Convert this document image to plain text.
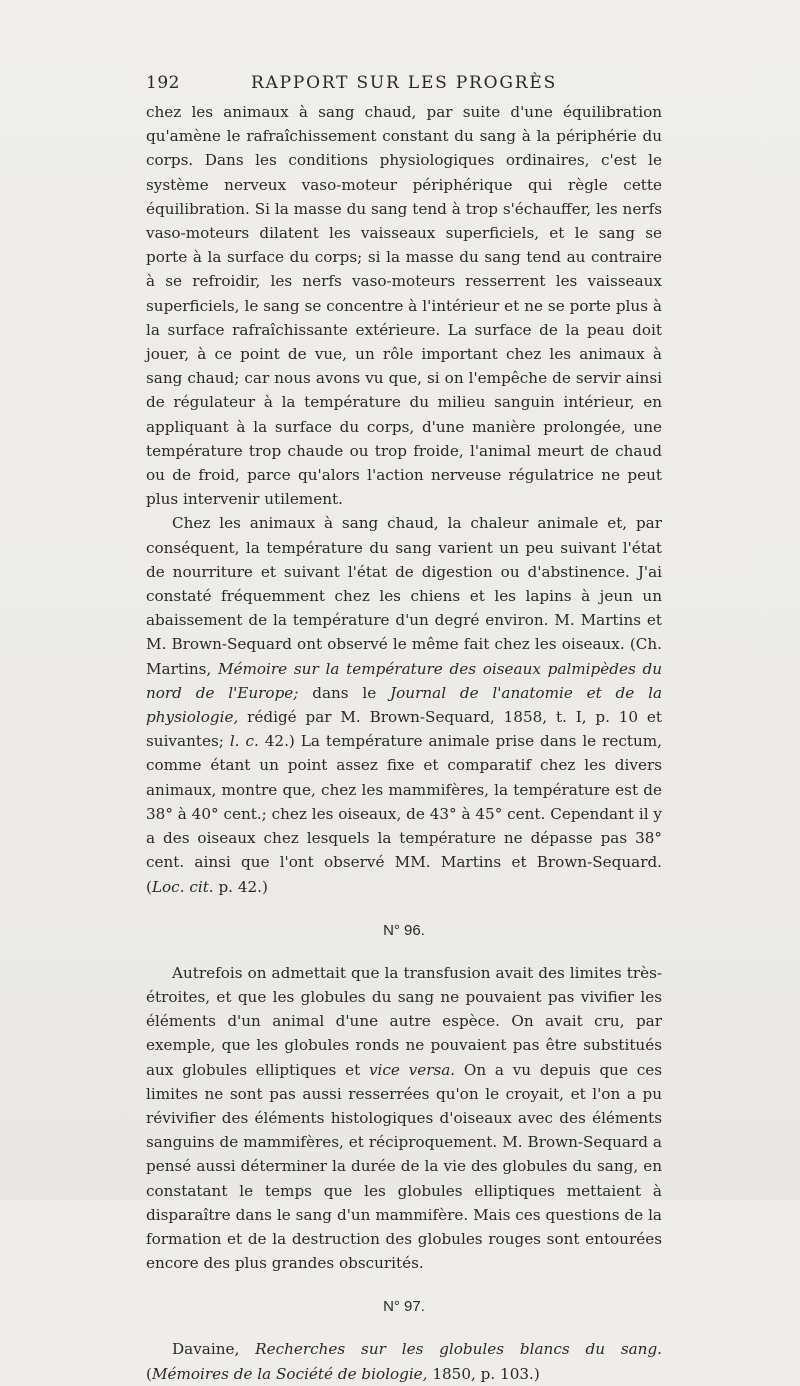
192	RAPPORT SUR LES PROGRÈS

chez les animaux à sang chaud, par suite d'une équilibration qu'amène le rafraîchissement constant du sang à la périphérie du corps. Dans les conditions physiologiques ordinaires, c'est le système nerveux vaso-moteur périphérique qui règle cette équilibration. Si la masse du sang tend à trop s'échauffer, les nerfs vaso-moteurs dilatent les vaisseaux superficiels, et le sang se porte à la surface du corps; si la masse du sang tend au contraire à se refroidir, les nerfs vaso-moteurs resserrent les vaisseaux superficiels, le sang se concentre à l'intérieur et ne se porte plus à la surface rafraîchissante extérieure. La surface de la peau doit jouer, à ce point de vue, un rôle important chez les animaux à sang chaud; car nous avons vu que, si on l'empêche de servir ainsi de régulateur à la température du milieu sanguin intérieur, en appliquant à la surface du corps, d'une manière prolongée, une température trop chaude ou trop froide, l'animal meurt de chaud ou de froid, parce qu'alors l'action nerveuse régulatrice ne peut plus intervenir utilement.

Chez les animaux à sang chaud, la chaleur animale et, par conséquent, la température du sang varient un peu suivant l'état de nourriture et suivant l'état de digestion ou d'abstinence. J'ai constaté fréquemment chez les chiens et les lapins à jeun un abaissement de la température d'un degré environ. M. Martins et M. Brown-Sequard ont observé le même fait chez les oiseaux. (Ch. Martins, Mémoire sur la température des oiseaux palmipèdes du nord de l'Europe; dans le Journal de l'anatomie et de la physiologie, rédigé par M. Brown-Sequard, 1858, t. I, p. 10 et suivantes; l. c. 42.) La température animale prise dans le rectum, comme étant un point assez fixe et comparatif chez les divers animaux, montre que, chez les mammifères, la température est de 38° à 40° cent.; chez les oiseaux, de 43° à 45° cent. Cependant il y a des oiseaux chez lesquels la température ne dépasse pas 38° cent. ainsi que l'ont observé MM. Martins et Brown-Sequard. (Loc. cit. p. 42.)

N° 96.

Autrefois on admettait que la transfusion avait des limites très-étroites, et que les globules du sang ne pouvaient pas vivifier les éléments d'un animal d'une autre espèce. On avait cru, par exemple, que les globules ronds ne pouvaient pas être substitués aux globules elliptiques et vice versa. On a vu depuis que ces limites ne sont pas aussi resserrées qu'on le croyait, et l'on a pu révivifier des éléments histologiques d'oiseaux avec des éléments sanguins de mammifères, et réciproquement. M. Brown-Sequard a pensé aussi déterminer la durée de la vie des globules du sang, en constatant le temps que les globules elliptiques mettaient à disparaître dans le sang d'un mammifère. Mais ces questions de la formation et de la destruction des globules rouges sont entourées encore des plus grandes obscurités.

N° 97.

Davaine, Recherches sur les globules blancs du sang. (Mémoires de la Société de biologie, 1850, p. 103.)
